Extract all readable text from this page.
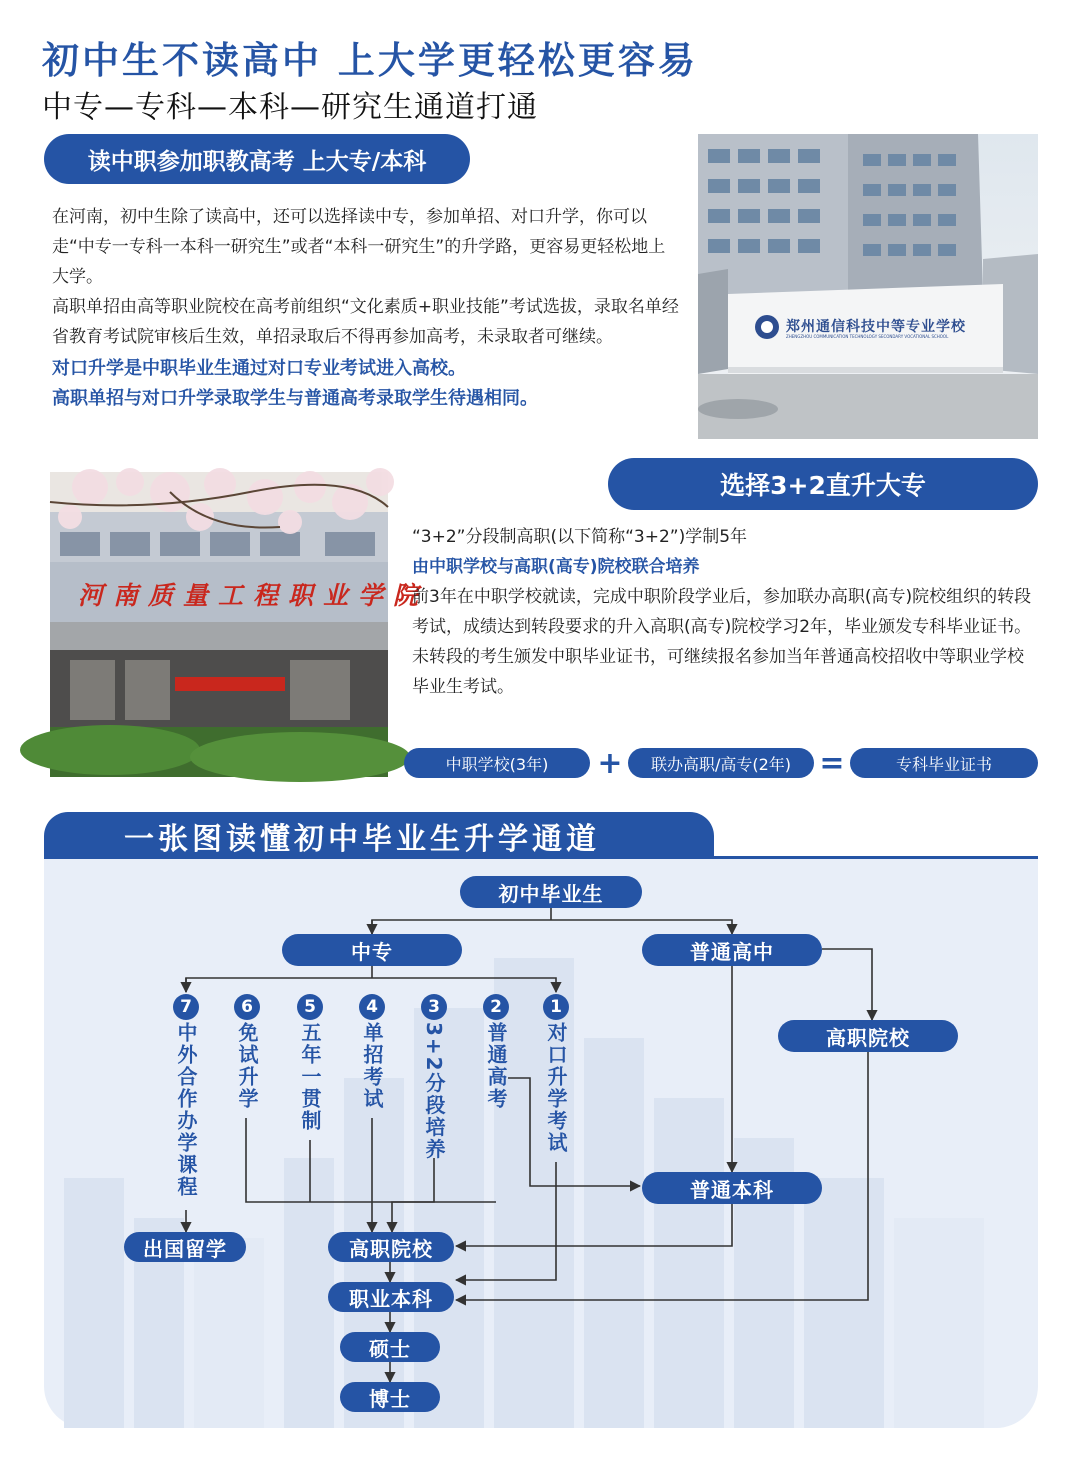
初中生不读高中 上大学更轻松更容易
中专—专科—本科—研究生通道打通
读中职参加职教高考 上大专/本科

在河南，初中生除了读高中，还可以选择读中专，参加单招、对口升学，你可以走“中专一专科一本科一研究生”或者“本科一研究生”的升学路，更容易更轻松地上大学。

高职单招由高等职业院校在高考前组织“文化素质+职业技能”考试选拔，录取名单经省教育考试院审核后生效，单招录取后不得再参加高考，未录取者可继续。

对口升学是中职毕业生通过对口专业考试进入高校。

高职单招与对口升学录取学生与普通高考录取学生待遇相同。

郑州通信科技中等专业学校
ZHENGZHOU COMMUNICATION TECHNOLOGY SECONDARY VOCATIONAL SCHOOL
河南质量工程职业学院
选择3+2直升大专

“3+2”分段制高职(以下简称“3+2”)学制5年

由中职学校与高职(高专)院校联合培养

前3年在中职学校就读，完成中职阶段学业后，参加联办高职(高专)院校组织的转段考试，成绩达到转段要求的升入高职(高专)院校学习2年，毕业颁发专科毕业证书。

未转段的考生颁发中职毕业证书，可继续报名参加当年普通高校招收中等职业学校毕业生考试。

中职学校(3年)	+	联办高职/高专(2年) =	专科毕业证书
一张图读懂初中毕业生升学通道
初中毕业生
中专	普通高中
高职院校
普通本科
出国留学	高职院校
职业本科
硕士
博士
7
中外合作办学课程
6
免试升学
5
五年一贯制
4
单招考试
3
3+2分段培养
2
普通高考
1
对口升学考试
